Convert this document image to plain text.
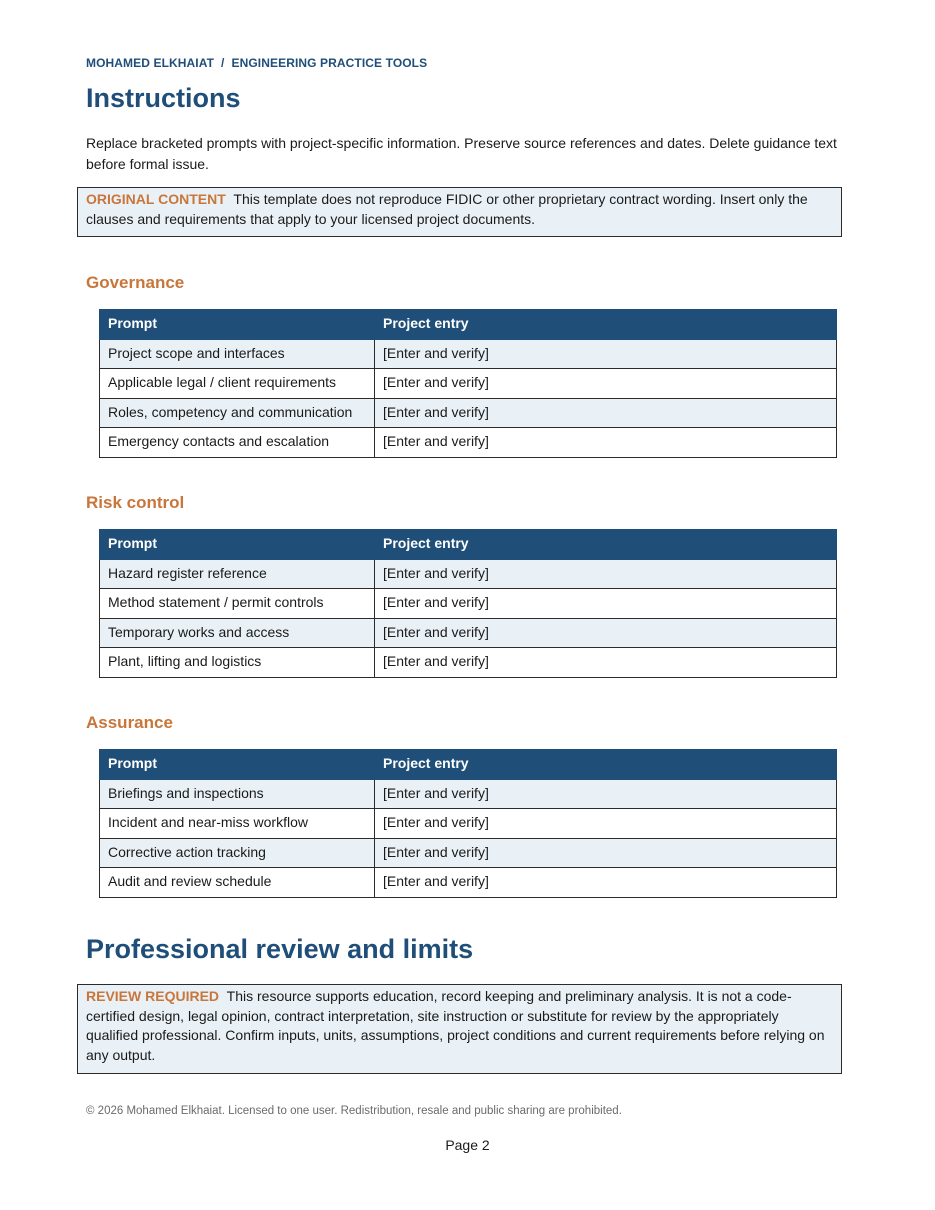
MOHAMED ELKHAIAT / ENGINEERING PRACTICE TOOLS
Instructions

Replace bracketed prompts with project-specific information. Preserve source references and dates. Delete guidance text before formal issue.

ORIGINAL CONTENT This template does not reproduce FIDIC or other proprietary contract wording. Insert only the clauses and requirements that apply to your licensed project documents.
Governance
Prompt	Project entry
Project scope and interfaces	[Enter and verify]
Applicable legal / client requirements	[Enter and verify]
Roles, competency and communication	[Enter and verify]
Emergency contacts and escalation	[Enter and verify]
Risk control
Prompt	Project entry
Hazard register reference	[Enter and verify]
Method statement / permit controls	[Enter and verify]
Temporary works and access	[Enter and verify]
Plant, lifting and logistics	[Enter and verify]
Assurance
Prompt	Project entry
Briefings and inspections	[Enter and verify]
Incident and near-miss workflow	[Enter and verify]
Corrective action tracking	[Enter and verify]
Audit and review schedule	[Enter and verify]
Professional review and limits
REVIEW REQUIRED This resource supports education, record keeping and preliminary analysis. It is not a code-certified design, legal opinion, contract interpretation, site instruction or substitute for review by the appropriately qualified professional. Confirm inputs, units, assumptions, project conditions and current requirements before relying on any output.
© 2026 Mohamed Elkhaiat. Licensed to one user. Redistribution, resale and public sharing are prohibited.
Page 2
